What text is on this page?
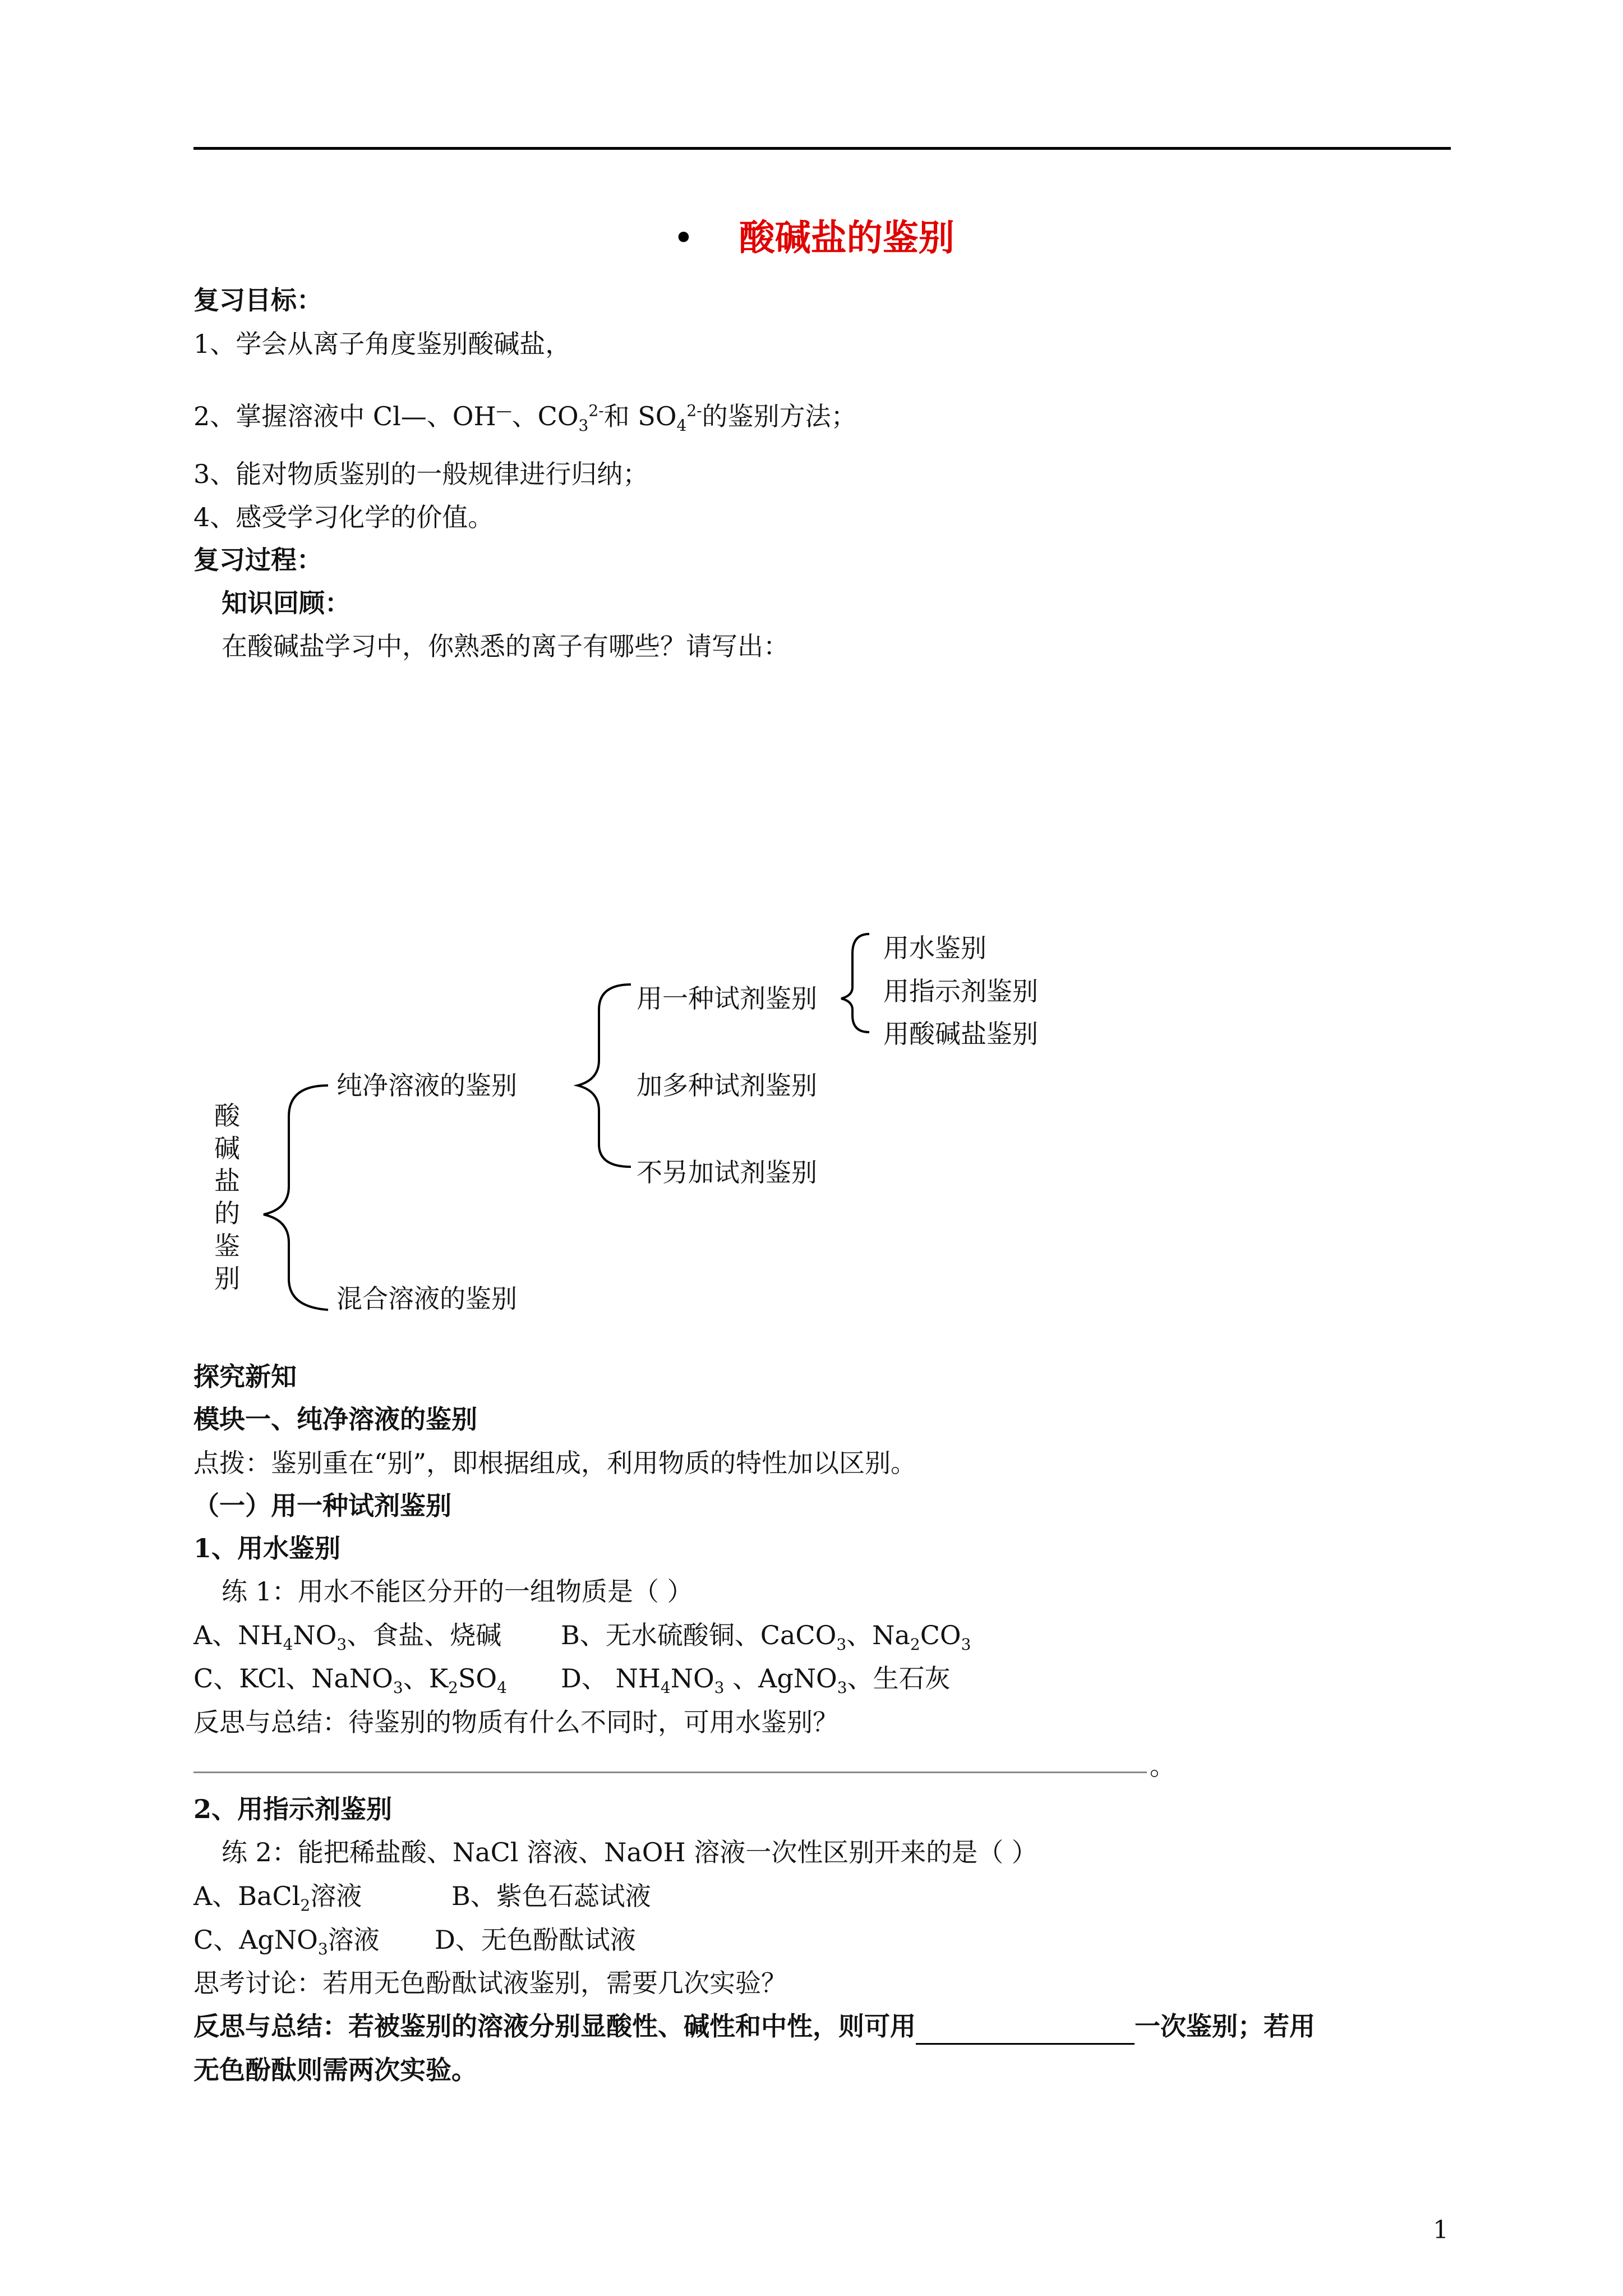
• 酸碱盐的鉴别
复习目标：
1、学会从离子角度鉴别酸碱盐，
2、掌握溶液中 Cl—、OH—、$CO_3^{2-}$和 $SO_4^{2-}$的鉴别方法；
3、能对物质鉴别的一般规律进行归纳；
4、感受学习化学的价值。
复习过程：
知识回顾：
在酸碱盐学习中，你熟悉的离子有哪些？请写出：
酸碱盐的鉴别
纯净溶液的鉴别
混合溶液的鉴别
用一种试剂鉴别
加多种试剂鉴别
不另加试剂鉴别
用水鉴别
用指示剂鉴别
用酸碱盐鉴别
探究新知
模块一、纯净溶液的鉴别
点拨：鉴别重在“别”，即根据组成，利用物质的特性加以区别。
（一）用一种试剂鉴别
1、用水鉴别
练 1：用水不能区分开的一组物质是（ ）
A、$NH_4NO_3$、食盐、烧碱 B、无水硫酸铜、CaCO$_3$、$Na_2CO_3$
C、KCl、NaNO$_3$、$K_2SO_4$ D、 $NH_4NO_3$ 、AgNO$_3$、生石灰
反思与总结：待鉴别的物质有什么不同时，可用水鉴别？
。
2、用指示剂鉴别
练 2：能把稀盐酸、NaCl 溶液、NaOH 溶液一次性区别开来的是（ ）
A、BaCl$_2$溶液	B、紫色石蕊试液
C、AgNO$_3$溶液 D、无色酚酞试液
思考讨论：若用无色酚酞试液鉴别，需要几次实验？
反思与总结：若被鉴别的溶液分别显酸性、碱性和中性，则可用	一次鉴别；若用
无色酚酞则需两次实验。
1
